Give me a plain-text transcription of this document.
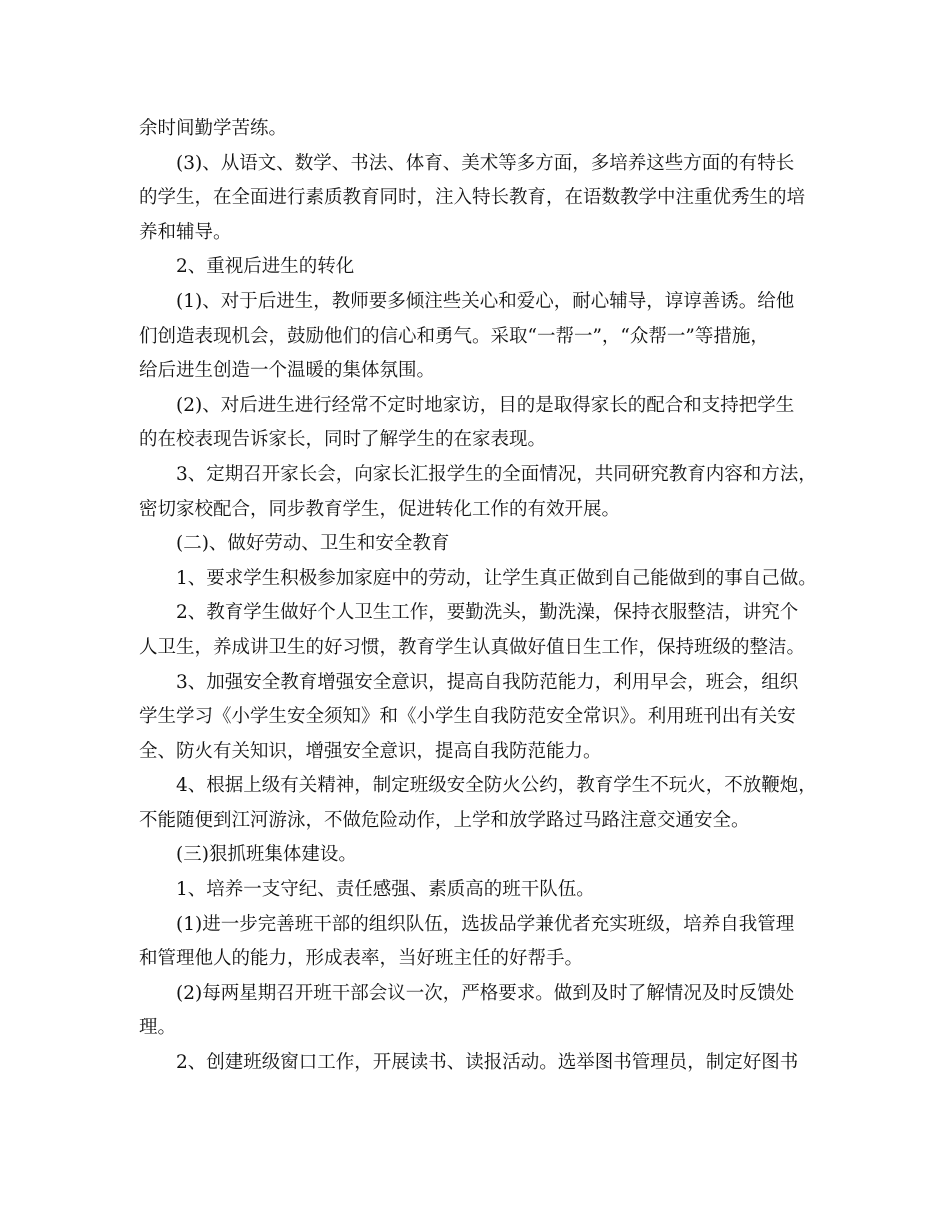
余时间勤学苦练。

(3)、从语文、数学、书法、体育、美术等多方面，多培养这些方面的有特长

的学生，在全面进行素质教育同时，注入特长教育，在语数教学中注重优秀生的培

养和辅导。

2、重视后进生的转化

(1)、对于后进生，教师要多倾注些关心和爱心，耐心辅导，谆谆善诱。给他

们创造表现机会，鼓励他们的信心和勇气。采取“一帮一”，“众帮一”等措施，

给后进生创造一个温暖的集体氛围。

(2)、对后进生进行经常不定时地家访，目的是取得家长的配合和支持把学生

的在校表现告诉家长，同时了解学生的在家表现。

3、定期召开家长会，向家长汇报学生的全面情况，共同研究教育内容和方法，

密切家校配合，同步教育学生，促进转化工作的有效开展。

(二)、做好劳动、卫生和安全教育

1、要求学生积极参加家庭中的劳动，让学生真正做到自己能做到的事自己做。

2、教育学生做好个人卫生工作，要勤洗头，勤洗澡，保持衣服整洁，讲究个

人卫生，养成讲卫生的好习惯，教育学生认真做好值日生工作，保持班级的整洁。

3、加强安全教育增强安全意识，提高自我防范能力，利用早会，班会，组织

学生学习《小学生安全须知》和《小学生自我防范安全常识》。利用班刊出有关安

全、防火有关知识，增强安全意识，提高自我防范能力。

4、根据上级有关精神，制定班级安全防火公约，教育学生不玩火，不放鞭炮，

不能随便到江河游泳，不做危险动作，上学和放学路过马路注意交通安全。

(三)狠抓班集体建设。

1、培养一支守纪、责任感强、素质高的班干队伍。

(1)进一步完善班干部的组织队伍，选拔品学兼优者充实班级，培养自我管理

和管理他人的能力，形成表率，当好班主任的好帮手。

(2)每两星期召开班干部会议一次，严格要求。做到及时了解情况及时反馈处

理。

2、创建班级窗口工作，开展读书、读报活动。选举图书管理员，制定好图书
